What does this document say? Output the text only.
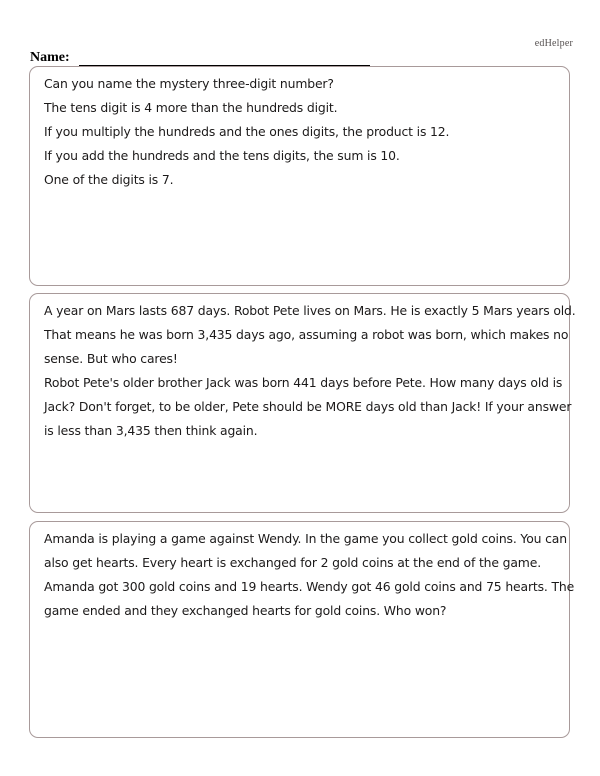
edHelper
Name:
Can you name the mystery three-digit number?
The tens digit is 4 more than the hundreds digit.
If you multiply the hundreds and the ones digits, the product is 12.
If you add the hundreds and the tens digits, the sum is 10.
One of the digits is 7.
A year on Mars lasts 687 days. Robot Pete lives on Mars. He is exactly 5 Mars years old.
That means he was born 3,435 days ago, assuming a robot was born, which makes no
sense. But who cares!
Robot Pete's older brother Jack was born 441 days before Pete. How many days old is
Jack? Don't forget, to be older, Pete should be MORE days old than Jack! If your answer
is less than 3,435 then think again.
Amanda is playing a game against Wendy. In the game you collect gold coins. You can
also get hearts. Every heart is exchanged for 2 gold coins at the end of the game.
Amanda got 300 gold coins and 19 hearts. Wendy got 46 gold coins and 75 hearts. The
game ended and they exchanged hearts for gold coins. Who won?
